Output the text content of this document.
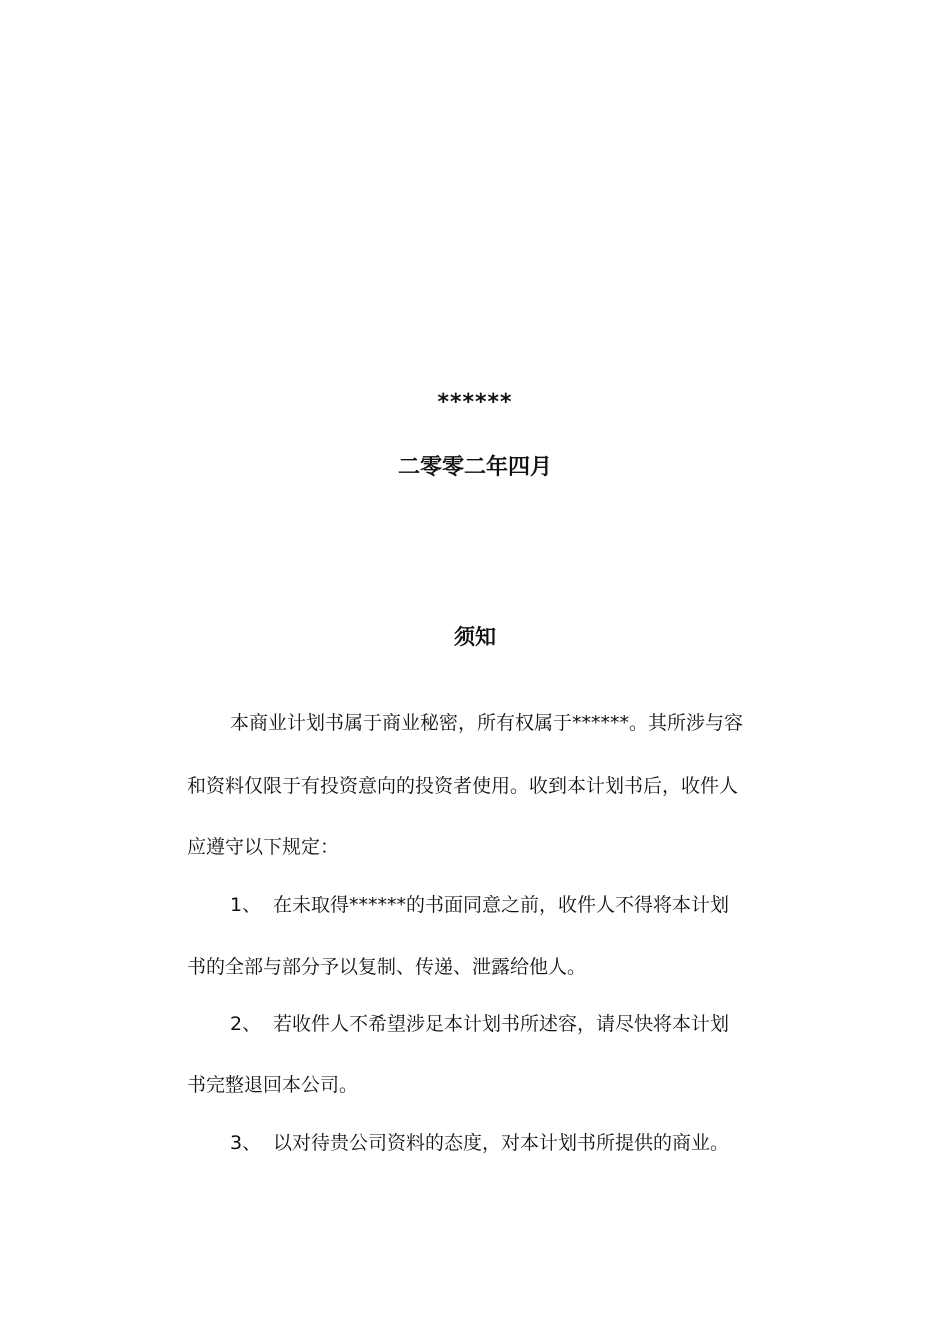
******
二零零二年四月
须知
本商业计划书属于商业秘密，所有权属于******。其所涉与容
和资料仅限于有投资意向的投资者使用。收到本计划书后，收件人
应遵守以下规定：
1、 在未取得******的书面同意之前，收件人不得将本计划
书的全部与部分予以复制、传递、泄露给他人。
2、 若收件人不希望涉足本计划书所述容，请尽快将本计划
书完整退回本公司。
3、 以对待贵公司资料的态度，对本计划书所提供的商业。
